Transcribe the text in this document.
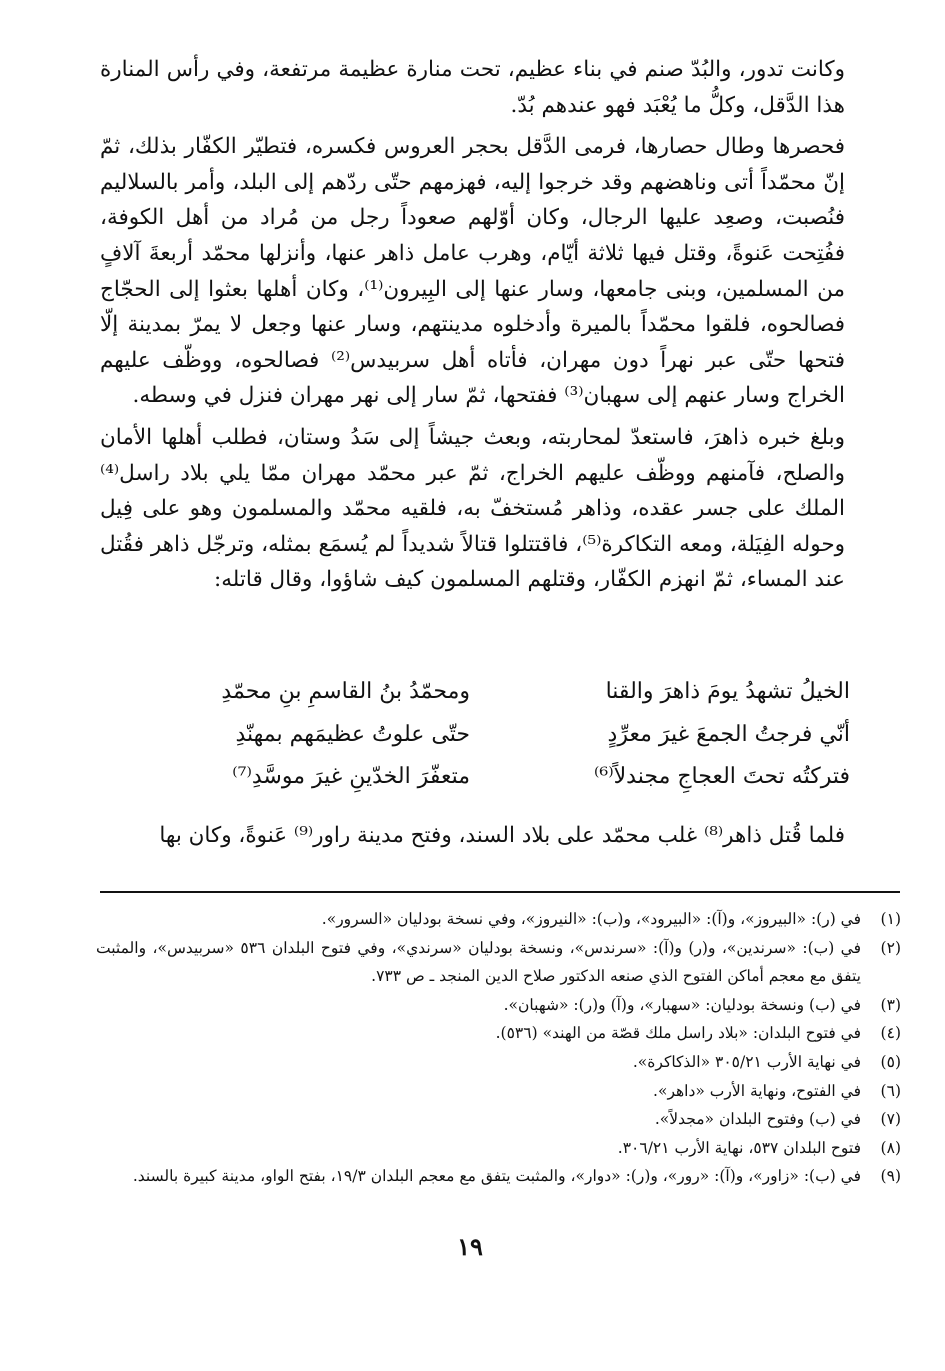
وكانت تدور، والبُدّ صنم في بناء عظيم، تحت منارة عظيمة مرتفعة، وفي رأس المنارة هذا الدَّقل، وكلُّ ما يُعْبَد فهو عندهم بُدّ.

فحصرها وطال حصارها، فرمى الدَّقل بحجر العروس فكسره، فتطيّر الكفّار بذلك، ثمّ إنّ محمّداً أتى وناهضهم وقد خرجوا إليه، فهزمهم حتّى ردّهم إلى البلد، وأمر بالسلاليم فنُصبت، وصعِد عليها الرجال، وكان أوّلهم صعوداً رجل من مُراد من أهل الكوفة، ففُتِحت عَنوةً، وقتل فيها ثلاثة أيّام، وهرب عامل ذاهر عنها، وأنزلها محمّد أربعةَ آلافٍ من المسلمين، وبنى جامعها، وسار عنها إلى البِيرون⁽¹⁾، وكان أهلها بعثوا إلى الحجّاج فصالحوه، فلقوا محمّداً بالميرة وأدخلوه مدينتهم، وسار عنها وجعل لا يمرّ بمدينة إلّا فتحها حتّى عبر نهراً دون مهران، فأتاه أهل سربيدس⁽²⁾ فصالحوه، ووظّف عليهم الخراج وسار عنهم إلى سهبان⁽³⁾ ففتحها، ثمّ سار إلى نهر مهران فنزل في وسطه.

وبلغ خبره ذاهرَ، فاستعدّ لمحاربته، وبعث جيشاً إلى سَدُ وستان، فطلب أهلها الأمان والصلح، فآمنهم ووظّف عليهم الخراج، ثمّ عبر محمّد مهران ممّا يلي بلاد راسل⁽⁴⁾ الملك على جسر عقده، وذاهر مُستخفّ به، فلقيه محمّد والمسلمون وهو على فِيل وحوله الفِيَلة، ومعه التكاكرة⁽⁵⁾، فاقتتلوا قتالاً شديداً لم يُسمَع بمثله، وترجّل ذاهر فقُتل عند المساء، ثمّ انهزم الكفّار، وقتلهم المسلمون كيف شاؤوا، وقال قاتله:

الخيلُ تشهدُ يومَ ذاهرَ والقنا
ومحمّدُ بنُ القاسمِ بنِ محمّدِ
أنّي فرجتُ الجمعَ غيرَ معرِّدٍ
حتّى علوتُ عظيمَهم بمهنّدِ
فتركتُه تحتَ العجاجِ مجندلاً⁽⁶⁾
متعفّرَ الخدّينِ غيرَ موسَّدِ⁽⁷⁾
فلما قُتل ذاهر⁽⁸⁾ غلب محمّد على بلاد السند، وفتح مدينة راور⁽⁹⁾ عَنوةً، وكان بها
(١)
في (ر): «البيروز»، و(آ): «البيرود»، و(ب): «النيروز»، وفي نسخة بودليان «السرور».
(٢)
في (ب): «سرندين»، و(ر) و(آ): «سرندس»، ونسخة بودليان «سرندي»، وفي فتوح البلدان ٥٣٦ «سربيدس»، والمثبت يتفق مع معجم أماكن الفتوح الذي صنعه الدكتور صلاح الدين المنجد ـ ص ٧٣٣.
(٣)
في (ب) ونسخة بودليان: «سهبار»، و(آ) و(ر): «شهبان».
(٤)
في فتوح البلدان: «بلاد راسل ملك قصّة من الهند» (٥٣٦).
(٥)
في نهاية الأرب ٣٠٥/٢١ «الذكاكرة».
(٦)
في الفتوح، ونهاية الأرب «داهر».
(٧)
في (ب) وفتوح البلدان «مجدلاً».
(٨)
فتوح البلدان ٥٣٧، نهاية الأرب ٣٠٦/٢١.
(٩)
في (ب): «زاور»، و(آ): «رور»، و(ر): «دوار»، والمثبت يتفق مع معجم البلدان ١٩/٣، بفتح الواو، مدينة كبيرة بالسند.
١٩
